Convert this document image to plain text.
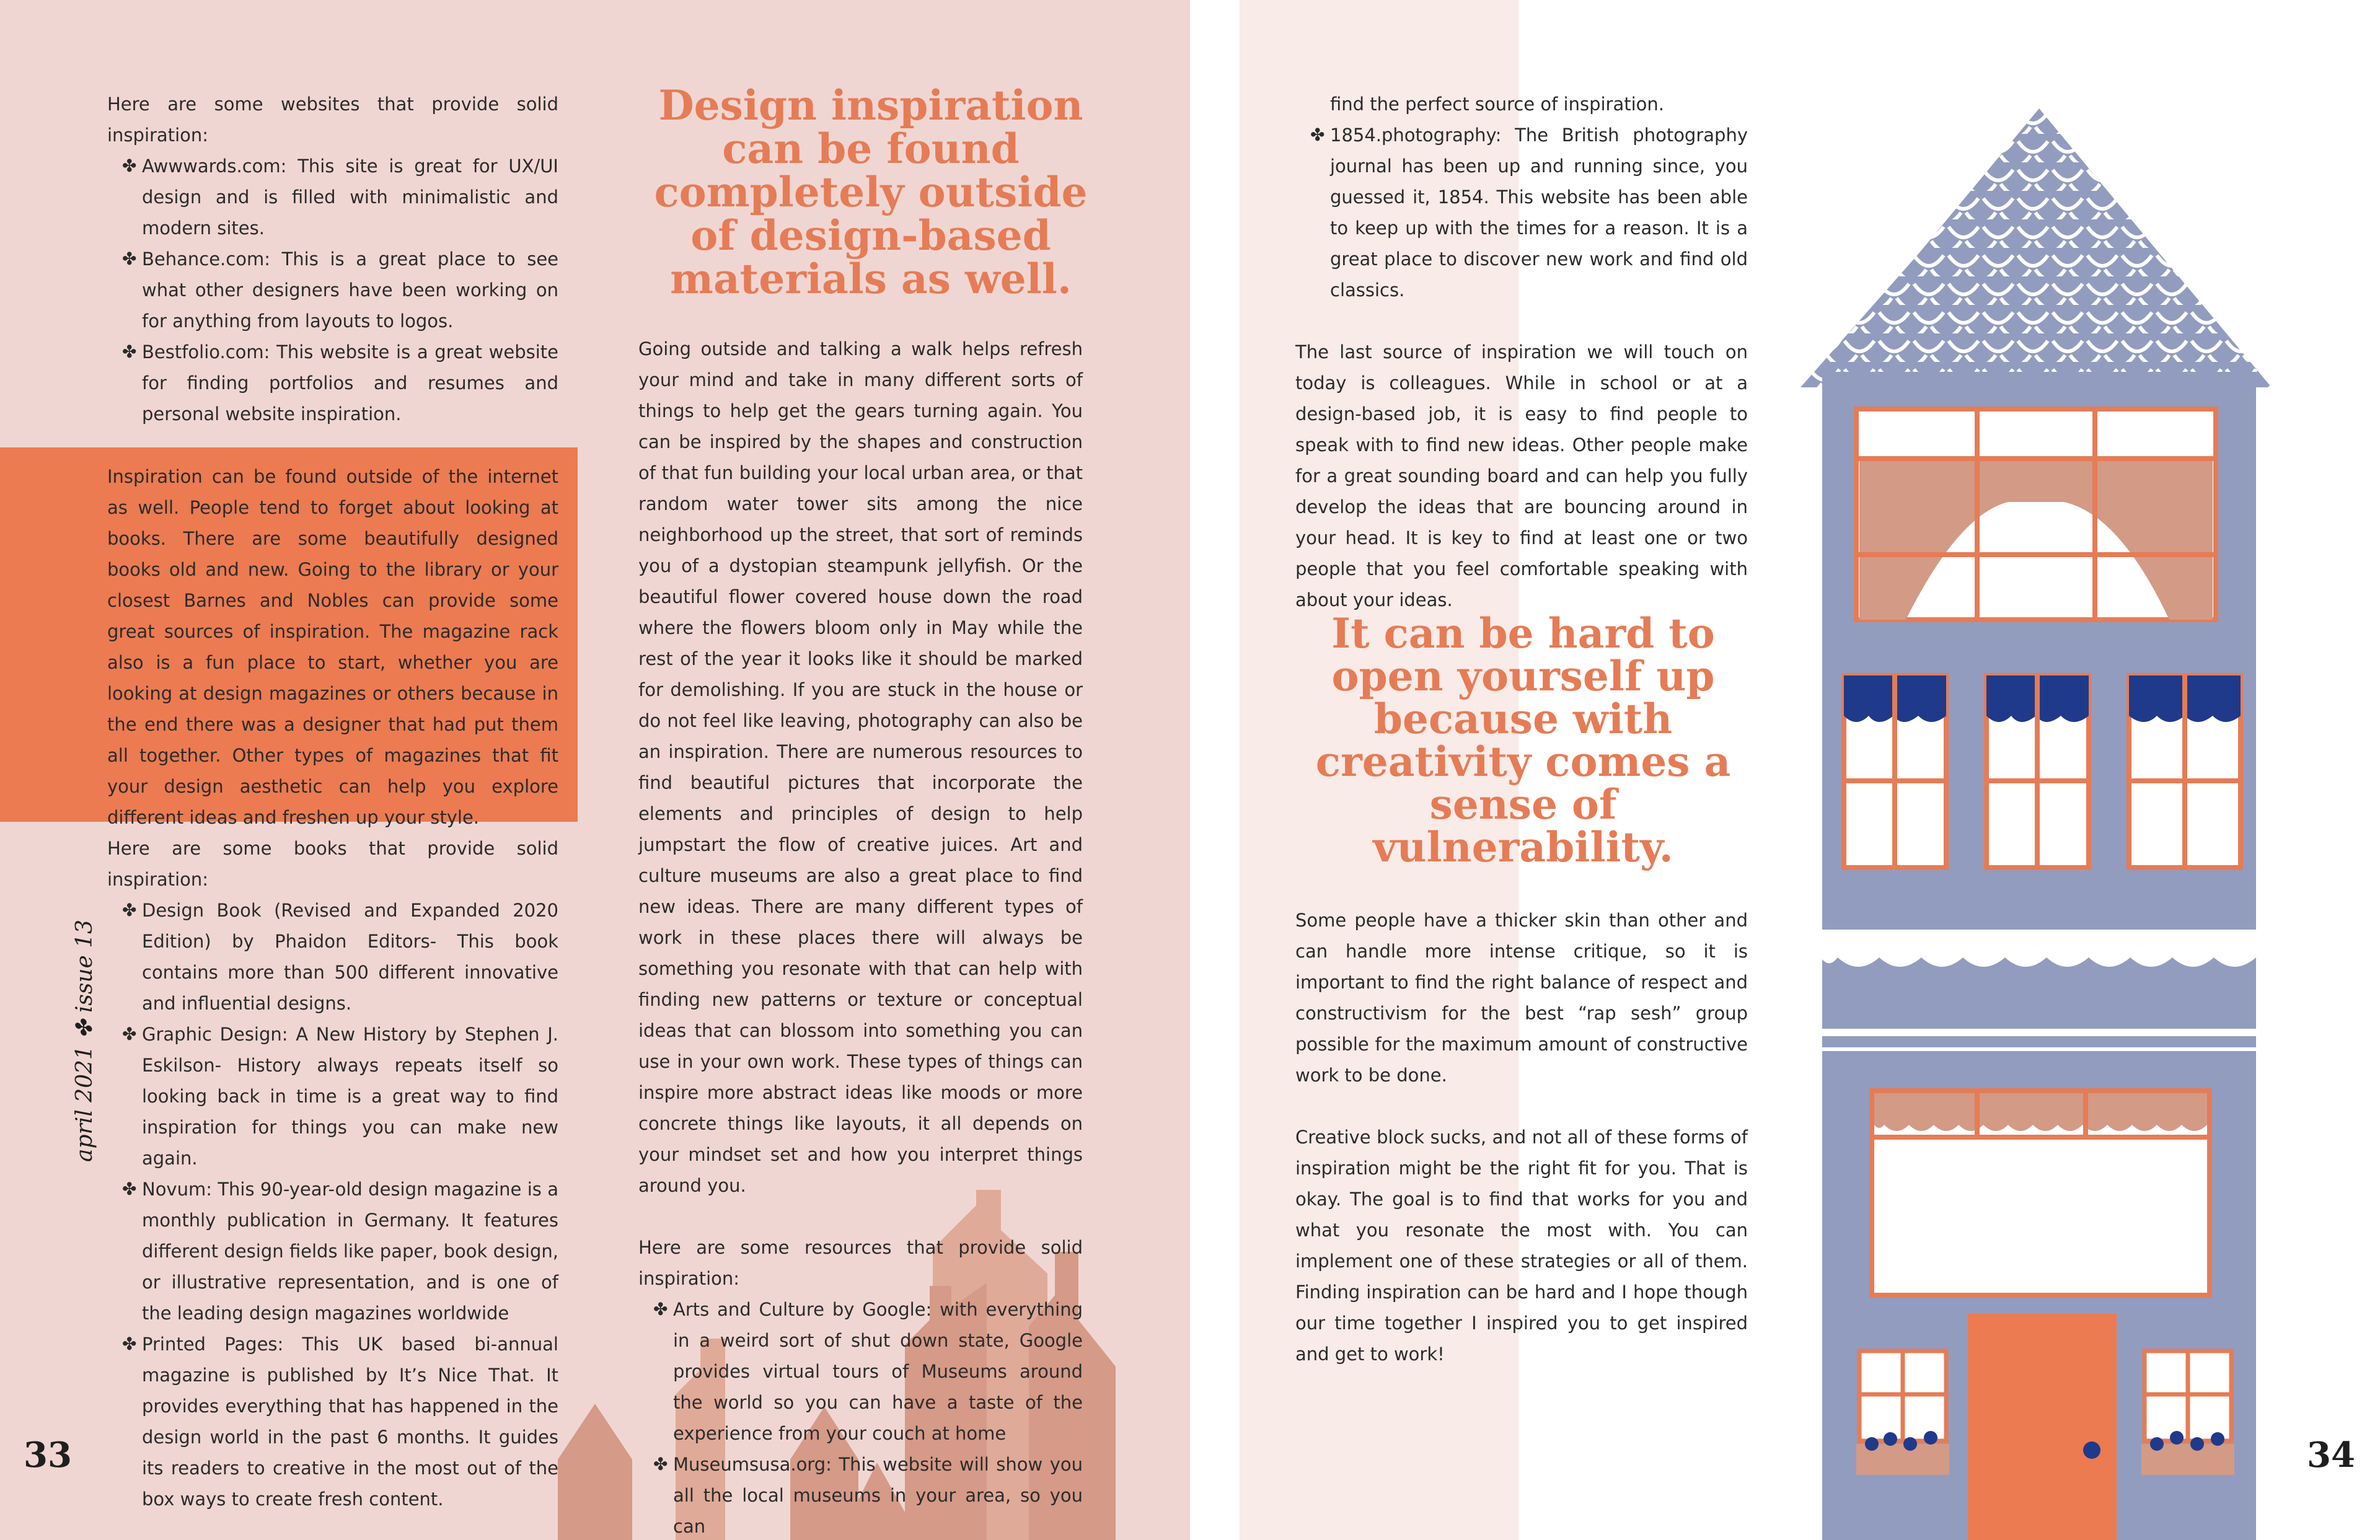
Here are some websites that provide solid inspiration:

✤ Awwwards.com: This site is great for UX/UI design and is filled with minimalistic and modern sites.
✤ Behance.com: This is a great place to see what other designers have been working on for anything from layouts to logos.
✤ Bestfolio.com: This website is a great website for finding portfolios and resumes and personal website inspiration.

Inspiration can be found outside of the internet as well. People tend to forget about looking at books. There are some beautifully designed books old and new. Going to the library or your closest Barnes and Nobles can provide some great sources of inspiration. The magazine rack also is a fun place to start, whether you are looking at design magazines or others because in the end there was a designer that had put them all together. Other types of magazines that fit your design aesthetic can help you explore different ideas and freshen up your style.

Here are some books that provide solid inspiration:

✤ Design Book (Revised and Expanded 2020 Edition) by Phaidon Editors- This book contains more than 500 different innovative and influential designs.
✤ Graphic Design: A New History by Stephen J. Eskilson- History always repeats itself so looking back in time is a great way to find inspiration for things you can make new again.
✤ Novum: This 90-year-old design magazine is a monthly publication in Germany. It features different design fields like paper, book design, or illustrative representation, and is one of the leading design magazines worldwide
✤ Printed Pages: This UK based bi-annual magazine is published by It’s Nice That. It provides everything that has happened in the design world in the past 6 months. It guides its readers to creative in the most out of the box ways to create fresh content.
Design inspiration can be found completely outside of design-based materials as well.

Going outside and talking a walk helps refresh your mind and take in many different sorts of things to help get the gears turning again. You can be inspired by the shapes and construction of that fun building your local urban area, or that random water tower sits among the nice neighborhood up the street, that sort of reminds you of a dystopian steampunk jellyfish. Or the beautiful flower covered house down the road where the flowers bloom only in May while the rest of the year it looks like it should be marked for demolishing. If you are stuck in the house or do not feel like leaving, photography can also be an inspiration. There are numerous resources to find beautiful pictures that incorporate the elements and principles of design to help jumpstart the flow of creative juices. Art and culture museums are also a great place to find new ideas. There are many different types of work in these places there will always be something you resonate with that can help with finding new patterns or texture or conceptual ideas that can blossom into something you can use in your own work. These types of things can inspire more abstract ideas like moods or more concrete things like layouts, it all depends on your mindset set and how you interpret things around you.

Here are some resources that provide solid inspiration:

✤ Arts and Culture by Google: with everything in a weird sort of shut down state, Google provides virtual tours of Museums around the world so you can have a taste of the experience from your couch at home
✤ Museumsusa.org: This website will show you all the local museums in your area, so you can
april 2021 ✤ issue 13
33

find the perfect source of inspiration.

✤ 1854.photography: The British photography journal has been up and running since, you guessed it, 1854. This website has been able to keep up with the times for a reason. It is a great place to discover new work and find old classics.

The last source of inspiration we will touch on today is colleagues. While in school or at a design-based job, it is easy to find people to speak with to find new ideas. Other people make for a great sounding board and can help you fully develop the ideas that are bouncing around in your head. It is key to find at least one or two people that you feel comfortable speaking with about your ideas.

Some people have a thicker skin than other and can handle more intense critique, so it is important to find the right balance of respect and constructivism for the best “rap sesh” group possible for the maximum amount of constructive work to be done.

Creative block sucks, and not all of these forms of inspiration might be the right fit for you. That is okay. The goal is to find that works for you and what you resonate the most with. You can implement one of these strategies or all of them. Finding inspiration can be hard and I hope though our time together I inspired you to get inspired and get to work!

34
It can be hard to open yourself up because with creativity comes a sense of vulnerability.
